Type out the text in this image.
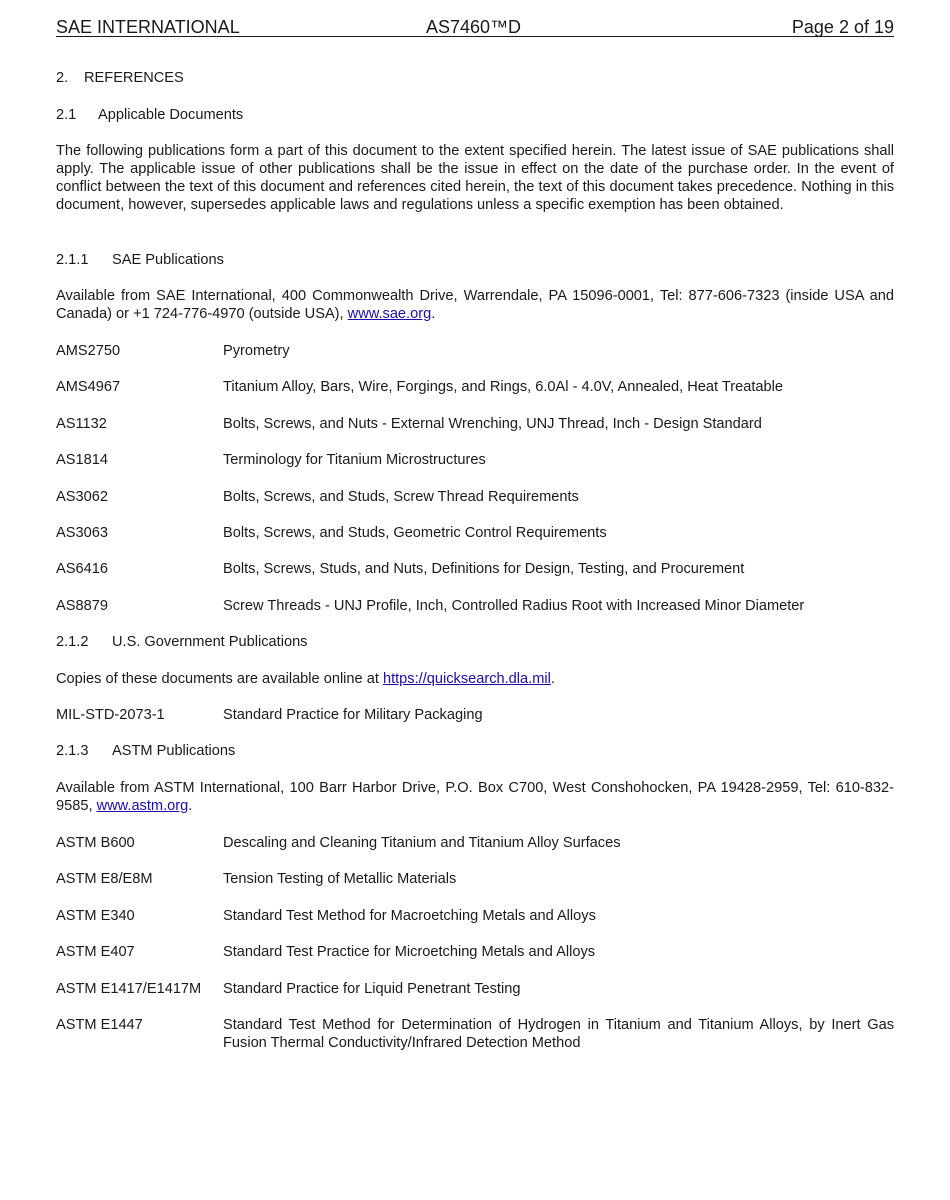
SAE INTERNATIONAL	AS7460™D	Page 2 of 19
2. REFERENCES
2.1 Applicable Documents
The following publications form a part of this document to the extent specified herein. The latest issue of SAE publications shall apply. The applicable issue of other publications shall be the issue in effect on the date of the purchase order. In the event of conflict between the text of this document and references cited herein, the text of this document takes precedence. Nothing in this document, however, supersedes applicable laws and regulations unless a specific exemption has been obtained.
2.1.1 SAE Publications
Available from SAE International, 400 Commonwealth Drive, Warrendale, PA 15096-0001, Tel: 877-606-7323 (inside USA and Canada) or +1 724-776-4970 (outside USA), www.sae.org.
AMS2750	Pyrometry
AMS4967	Titanium Alloy, Bars, Wire, Forgings, and Rings, 6.0Al - 4.0V, Annealed, Heat Treatable
AS1132	Bolts, Screws, and Nuts - External Wrenching, UNJ Thread, Inch - Design Standard
AS1814	Terminology for Titanium Microstructures
AS3062	Bolts, Screws, and Studs, Screw Thread Requirements
AS3063	Bolts, Screws, and Studs, Geometric Control Requirements
AS6416	Bolts, Screws, Studs, and Nuts, Definitions for Design, Testing, and Procurement
AS8879	Screw Threads - UNJ Profile, Inch, Controlled Radius Root with Increased Minor Diameter
2.1.2 U.S. Government Publications
Copies of these documents are available online at https://quicksearch.dla.mil.
MIL-STD-2073-1	Standard Practice for Military Packaging
2.1.3 ASTM Publications
Available from ASTM International, 100 Barr Harbor Drive, P.O. Box C700, West Conshohocken, PA 19428-2959, Tel: 610-832-9585, www.astm.org.
ASTM B600	Descaling and Cleaning Titanium and Titanium Alloy Surfaces
ASTM E8/E8M	Tension Testing of Metallic Materials
ASTM E340	Standard Test Method for Macroetching Metals and Alloys
ASTM E407	Standard Test Practice for Microetching Metals and Alloys
ASTM E1417/E1417M Standard Practice for Liquid Penetrant Testing
ASTM E1447	Standard Test Method for Determination of Hydrogen in Titanium and Titanium Alloys, by Inert Gas Fusion Thermal Conductivity/Infrared Detection Method
